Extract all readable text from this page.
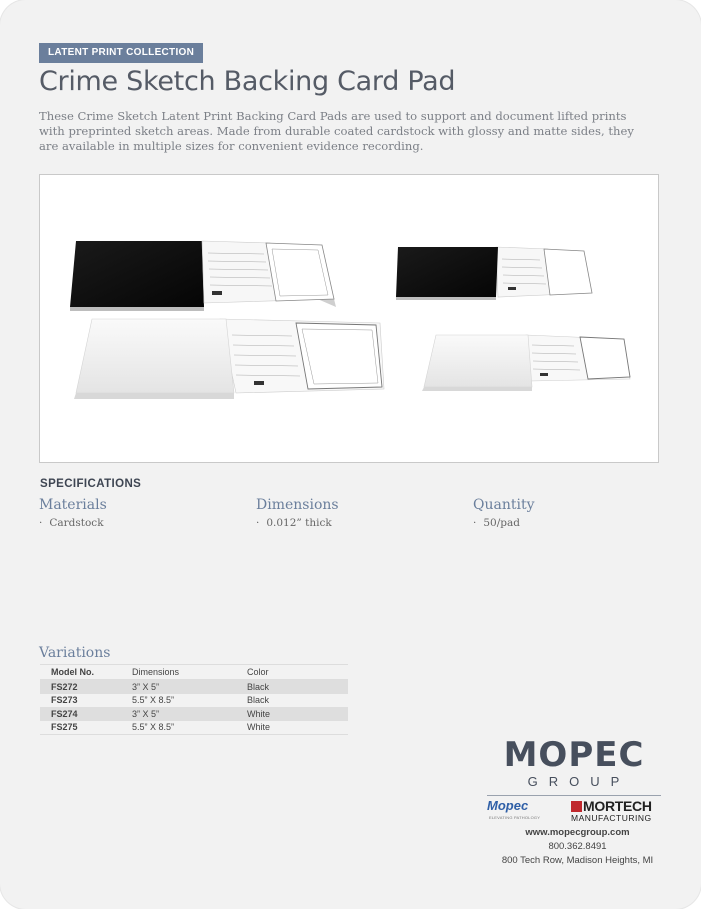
LATENT PRINT COLLECTION
Crime Sketch Backing Card Pad
These Crime Sketch Latent Print Backing Card Pads are used to support and document lifted prints with preprinted sketch areas. Made from durable coated cardstock with glossy and matte sides, they are available in multiple sizes for convenient evidence recording.
SPECIFICATIONS
Materials
· Cardstock
Dimensions
· 0.012” thick
Quantity
· 50/pad
Variations
Model No.	Dimensions	Color
FS272	3” X 5”	Black
FS273	5.5” X 8.5”	Black
FS274	3” X 5”	White
FS275	5.5” X 8.5”	White
MOPEC
GROUP
Mopec
ELEVATING PATHOLOGY
MORTECH
MANUFACTURING
www.mopecgroup.com
800.362.8491
800 Tech Row, Madison Heights, MI
